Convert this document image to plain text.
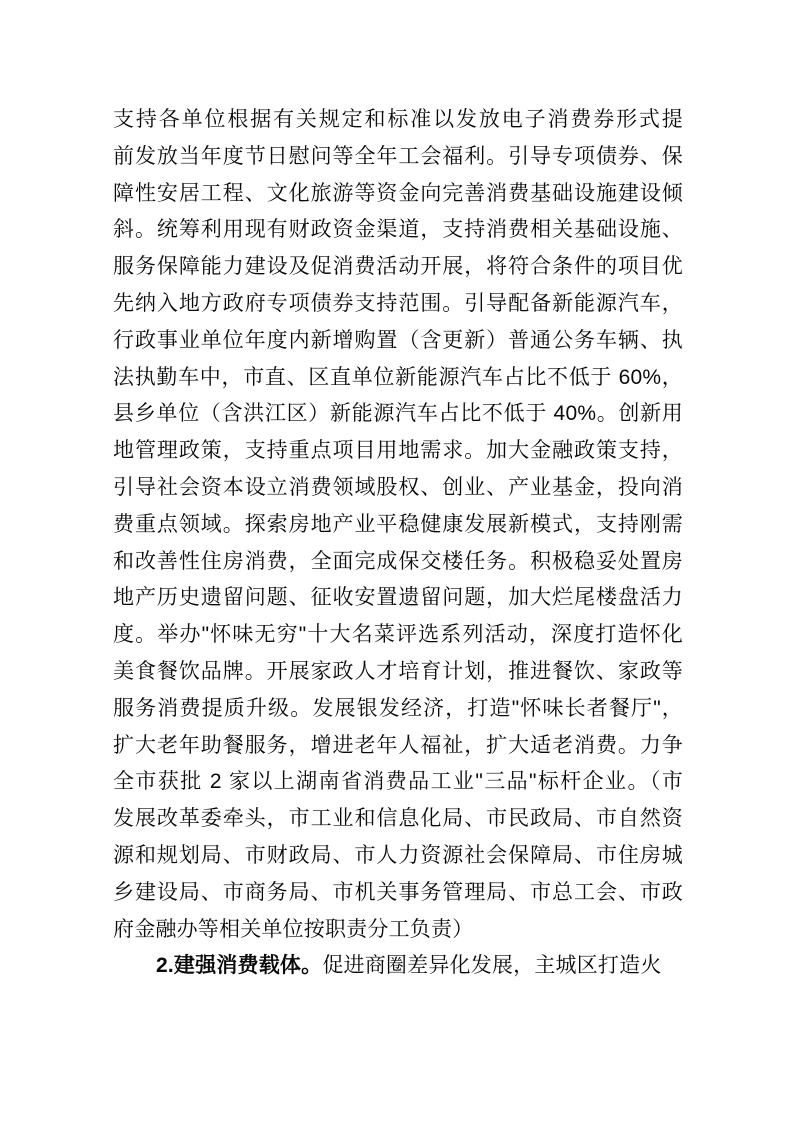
支持各单位根据有关规定和标准以发放电子消费券形式提
前发放当年度节日慰问等全年工会福利。引导专项债券、保
障性安居工程、文化旅游等资金向完善消费基础设施建设倾
斜。统筹利用现有财政资金渠道，支持消费相关基础设施、
服务保障能力建设及促消费活动开展，将符合条件的项目优
先纳入地方政府专项债券支持范围。引导配备新能源汽车，
行政事业单位年度内新增购置（含更新）普通公务车辆、执
法执勤车中，市直、区直单位新能源汽车占比不低于 60%，
县乡单位（含洪江区）新能源汽车占比不低于 40%。创新用
地管理政策，支持重点项目用地需求。加大金融政策支持，
引导社会资本设立消费领域股权、创业、产业基金，投向消
费重点领域。探索房地产业平稳健康发展新模式，支持刚需
和改善性住房消费，全面完成保交楼任务。积极稳妥处置房
地产历史遗留问题、征收安置遗留问题，加大烂尾楼盘活力
度。举办"怀味无穷"十大名菜评选系列活动，深度打造怀化
美食餐饮品牌。开展家政人才培育计划，推进餐饮、家政等
服务消费提质升级。发展银发经济，打造"怀味长者餐厅"，
扩大老年助餐服务，增进老年人福祉，扩大适老消费。力争
全市获批 2 家以上湖南省消费品工业"三品"标杆企业。（市
发展改革委牵头，市工业和信息化局、市民政局、市自然资
源和规划局、市财政局、市人力资源社会保障局、市住房城
乡建设局、市商务局、市机关事务管理局、市总工会、市政
府金融办等相关单位按职责分工负责）
2.建强消费载体。促进商圈差异化发展，主城区打造火
